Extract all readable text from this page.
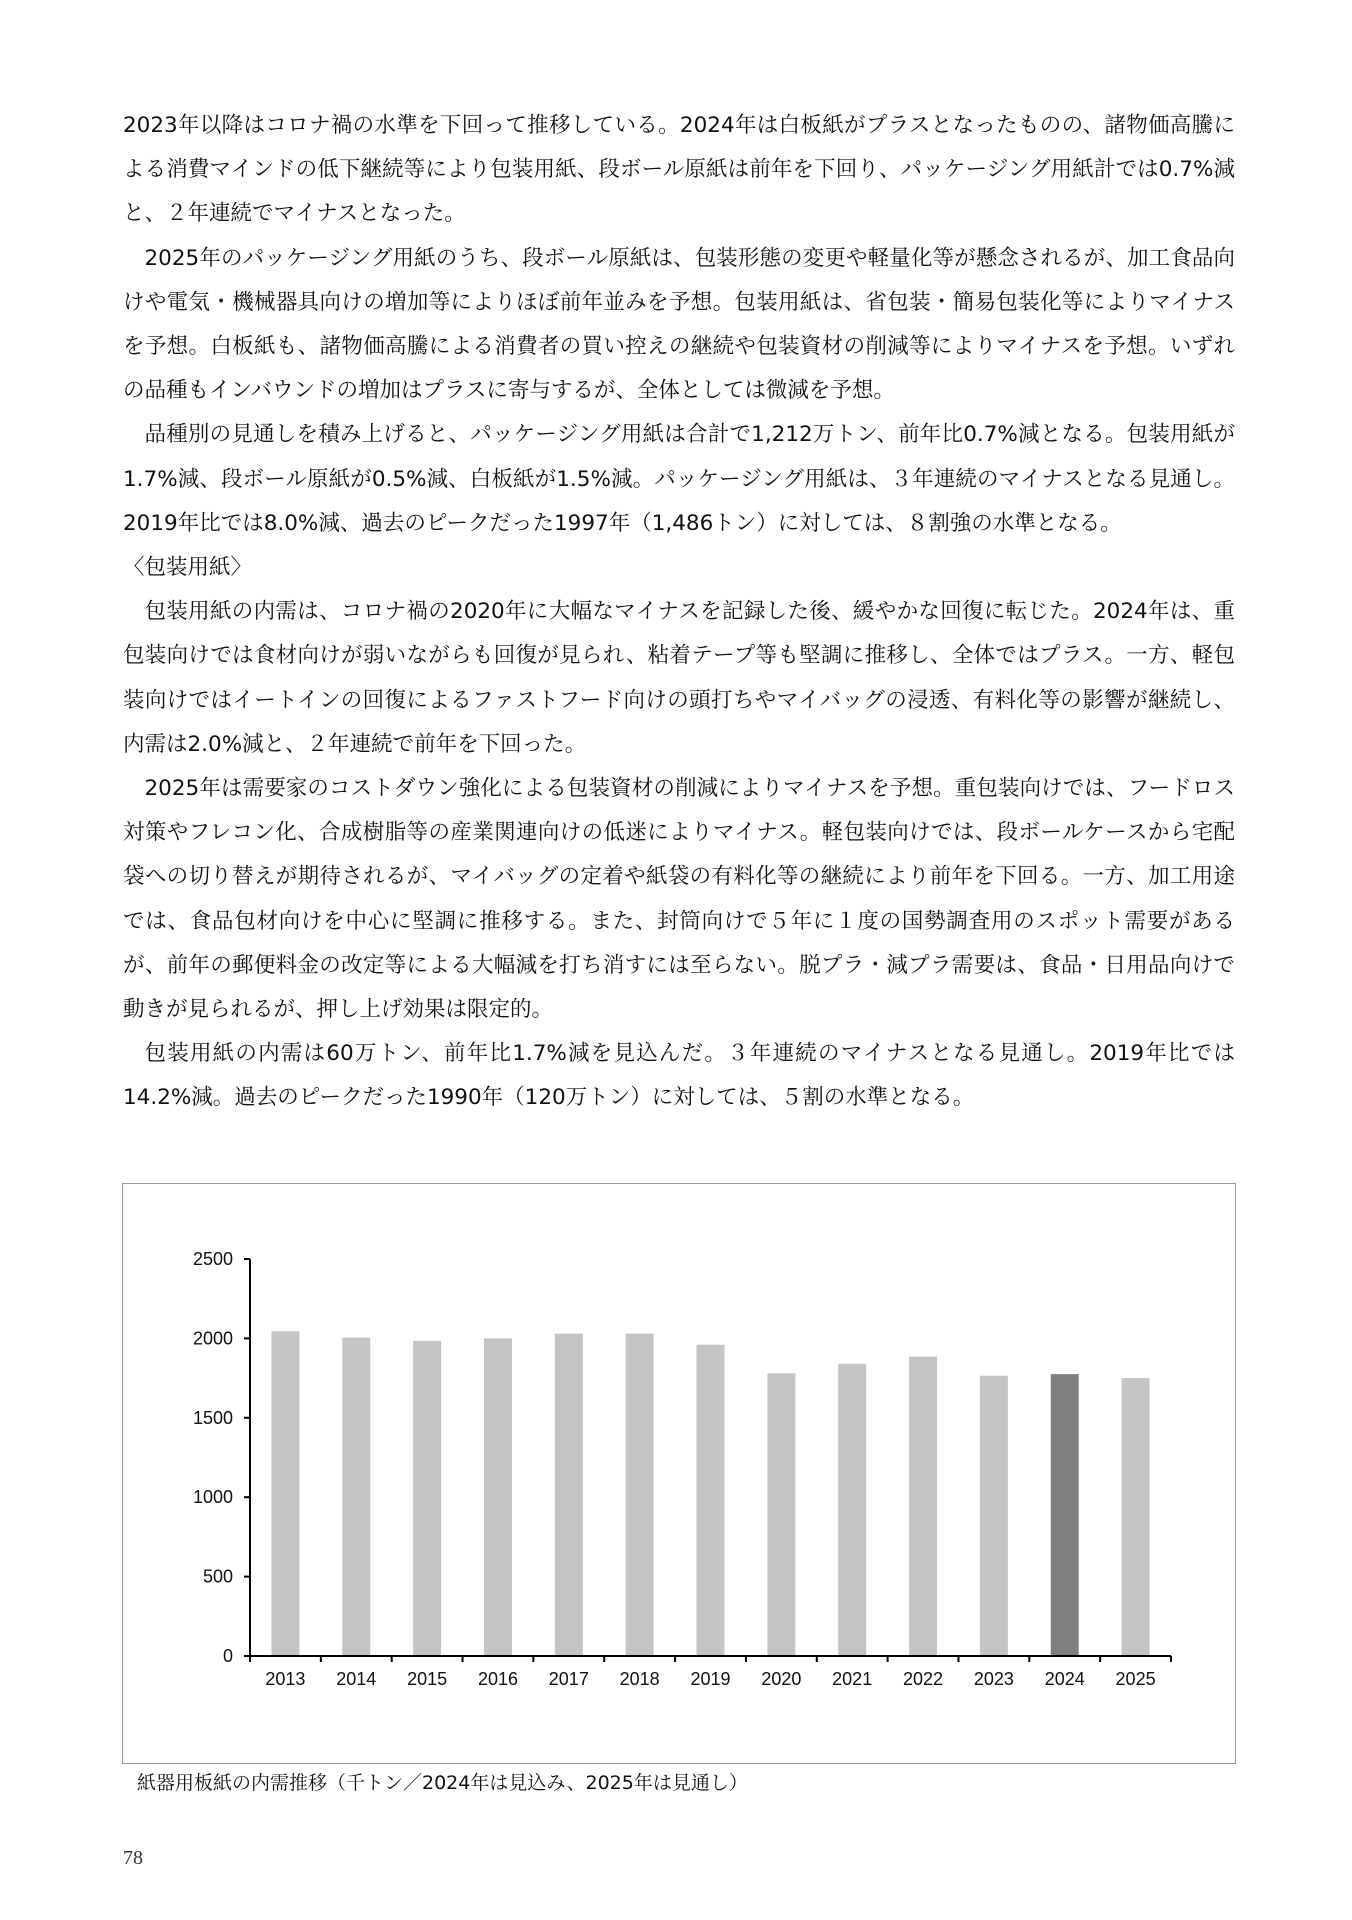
2023年以降はコロナ禍の水準を下回って推移している。2024年は白板紙がプラスとなったものの、諸物価高騰による消費マインドの低下継続等により包装用紙、段ボール原紙は前年を下回り、パッケージング用紙計では0.7%減と、２年連続でマイナスとなった。

2025年のパッケージング用紙のうち、段ボール原紙は、包装形態の変更や軽量化等が懸念されるが、加工食品向けや電気・機械器具向けの増加等によりほぼ前年並みを予想。包装用紙は、省包装・簡易包装化等によりマイナスを予想。白板紙も、諸物価高騰による消費者の買い控えの継続や包装資材の削減等によりマイナスを予想。いずれの品種もインバウンドの増加はプラスに寄与するが、全体としては微減を予想。

品種別の見通しを積み上げると、パッケージング用紙は合計で1,212万トン、前年比0.7%減となる。包装用紙が1.7%減、段ボール原紙が0.5%減、白板紙が1.5%減。パッケージング用紙は、３年連続のマイナスとなる見通し。2019年比では8.0%減、過去のピークだった1997年（1,486トン）に対しては、８割強の水準となる。

〈包装用紙〉

包装用紙の内需は、コロナ禍の2020年に大幅なマイナスを記録した後、緩やかな回復に転じた。2024年は、重包装向けでは食材向けが弱いながらも回復が見られ、粘着テープ等も堅調に推移し、全体ではプラス。一方、軽包装向けではイートインの回復によるファストフード向けの頭打ちやマイバッグの浸透、有料化等の影響が継続し、内需は2.0%減と、２年連続で前年を下回った。

2025年は需要家のコストダウン強化による包装資材の削減によりマイナスを予想。重包装向けでは、フードロス対策やフレコン化、合成樹脂等の産業関連向けの低迷によりマイナス。軽包装向けでは、段ボールケースから宅配袋への切り替えが期待されるが、マイバッグの定着や紙袋の有料化等の継続により前年を下回る。一方、加工用途では、食品包材向けを中心に堅調に推移する。また、封筒向けで５年に１度の国勢調査用のスポット需要があるが、前年の郵便料金の改定等による大幅減を打ち消すには至らない。脱プラ・減プラ需要は、食品・日用品向けで動きが見られるが、押し上げ効果は限定的。

包装用紙の内需は60万トン、前年比1.7%減を見込んだ。３年連続のマイナスとなる見通し。2019年比では14.2%減。過去のピークだった1990年（120万トン）に対しては、５割の水準となる。

2013 2014 2015 2016 2017 2018 2019 2020 2021 2022 2023 2024 2025
0
500
1000
1500
2000
2500

紙器用板紙の内需推移（千トン／2024年は見込み、2025年は見通し）

78
